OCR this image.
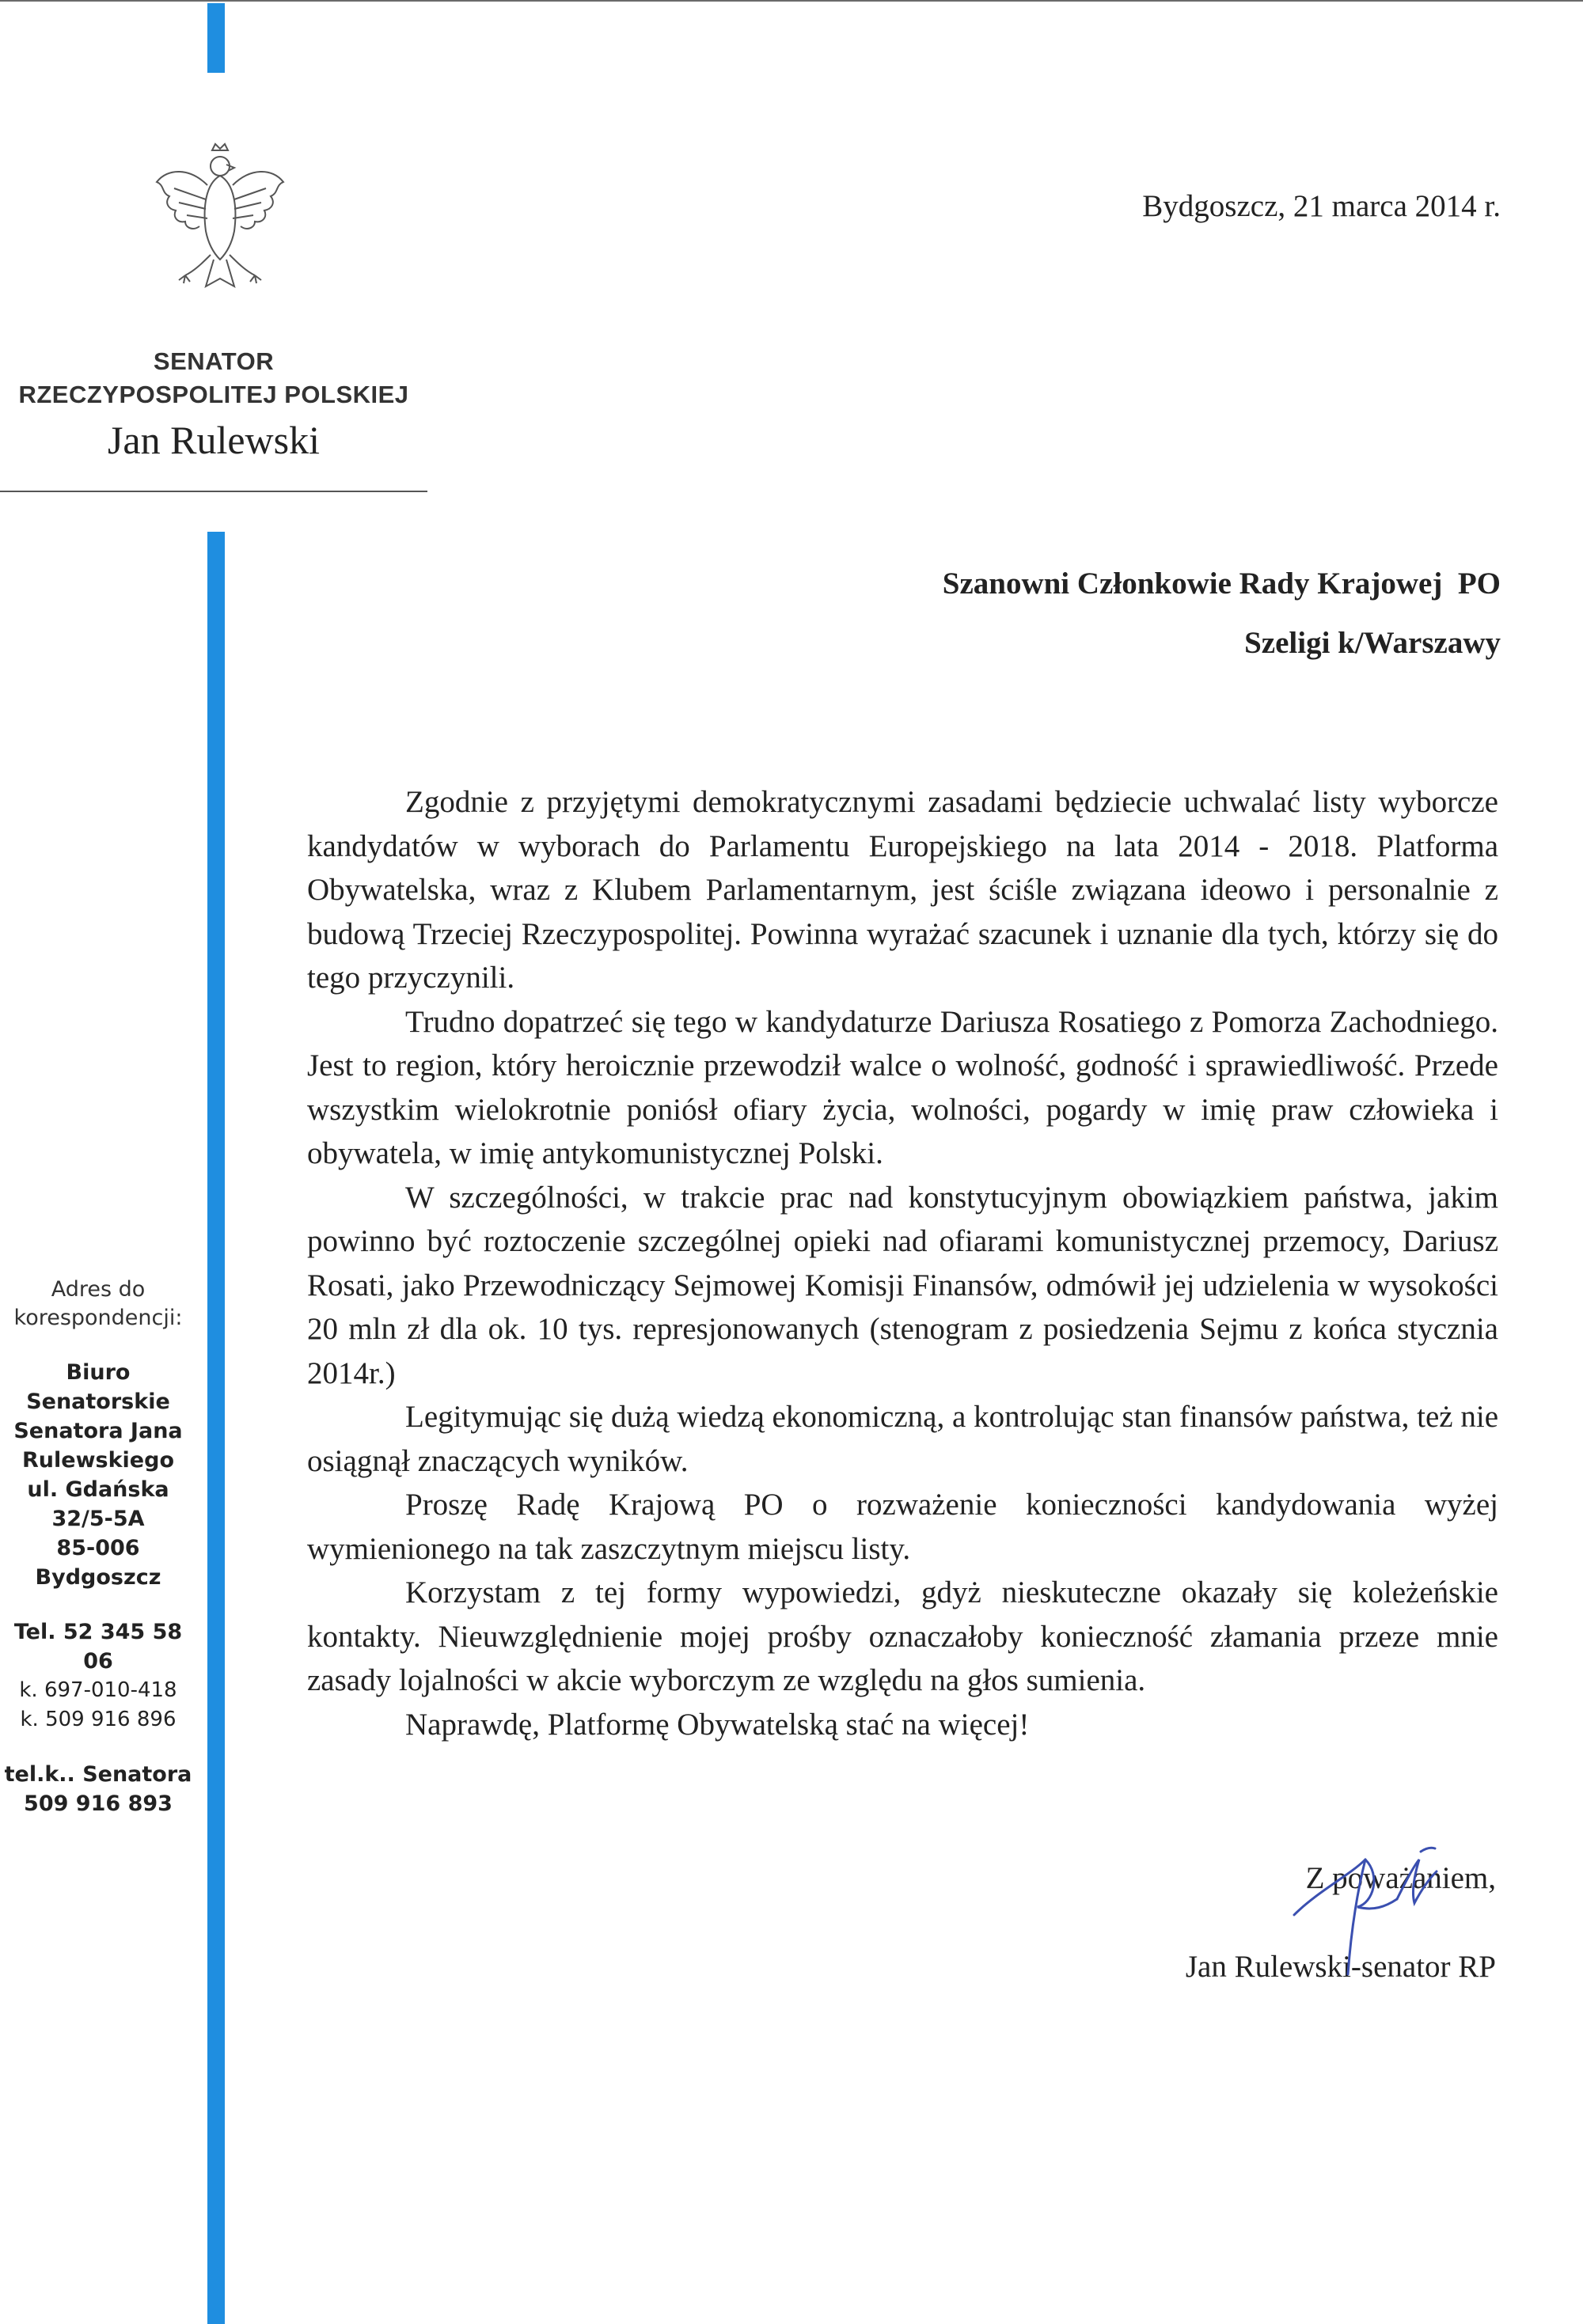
SENATOR
RZECZYPOSPOLITEJ POLSKIEJ
Jan Rulewski
Adres do
korespondencji:
Biuro
Senatorskie
Senatora Jana
Rulewskiego
ul. Gdańska
32/5-5A
85-006
Bydgoszcz
Tel. 52 345 58
06
k. 697-010-418
k. 509 916 896
tel.k.. Senatora
509 916 893
Bydgoszcz, 21 marca 2014 r.
Szanowni Członkowie Rady Krajowej  PO
Szeligi k/Warszawy

Zgodnie z przyjętymi demokratycznymi zasadami będziecie uchwalać listy wyborcze kandydatów w wyborach do Parlamentu Europejskiego na lata 2014 - 2018. Platforma Obywatelska, wraz z Klubem Parlamentarnym, jest ściśle związana ideowo i personalnie z budową Trzeciej Rzeczypospolitej. Powinna wyrażać szacunek i uznanie dla tych, którzy się do tego przyczynili.

Trudno dopatrzeć się tego w kandydaturze Dariusza Rosatiego z Pomorza Zachodniego. Jest to region, który heroicznie przewodził walce o wolność, godność i sprawiedliwość. Przede wszystkim wielokrotnie poniósł ofiary życia, wolności, pogardy w imię praw człowieka i obywatela, w imię antykomunistycznej Polski.

W szczególności, w trakcie prac nad konstytucyjnym obowiązkiem państwa, jakim powinno być roztoczenie szczególnej opieki nad ofiarami komunistycznej przemocy, Dariusz Rosati, jako Przewodniczący Sejmowej Komisji Finansów, odmówił jej udzielenia w wysokości 20 mln zł dla ok. 10 tys. represjonowanych (stenogram z posiedzenia Sejmu z końca stycznia 2014r.)

Legitymując się dużą wiedzą ekonomiczną, a kontrolując stan finansów państwa, też nie osiągnął znaczących wyników.

Proszę Radę Krajową PO o rozważenie konieczności kandydowania wyżej wymienionego na tak zaszczytnym miejscu listy.

Korzystam z tej formy wypowiedzi, gdyż nieskuteczne okazały się koleżeńskie kontakty. Nieuwzględnienie mojej prośby oznaczałoby konieczność złamania przeze mnie zasady lojalności w akcie wyborczym ze względu na głos sumienia.

Naprawdę, Platformę Obywatelską stać na więcej!

Z poważaniem,
Jan Rulewski-senator RP
